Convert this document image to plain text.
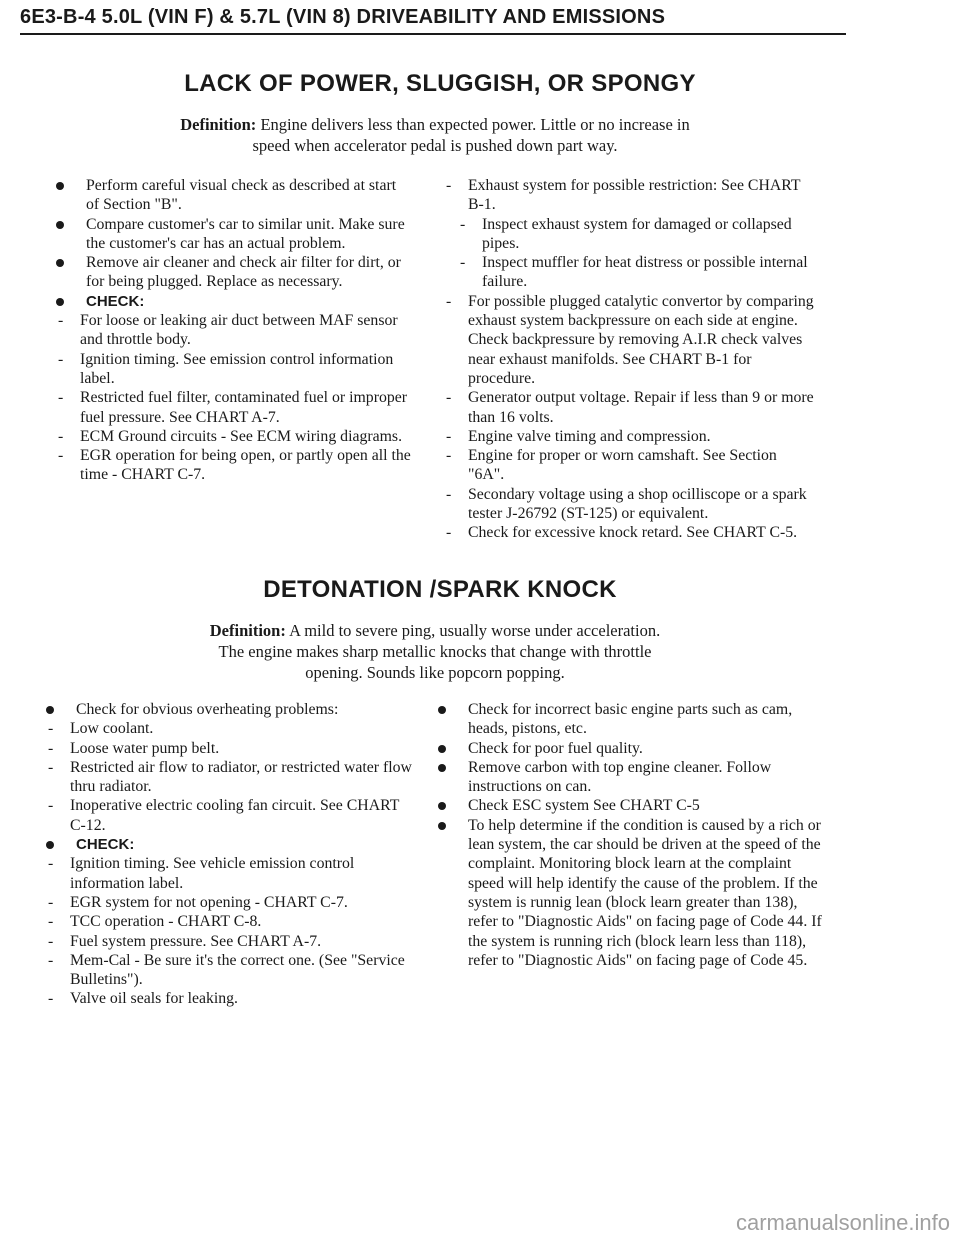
6E3-B-4 5.0L (VIN F) & 5.7L (VIN 8) DRIVEABILITY AND EMISSIONS
LACK OF POWER, SLUGGISH, OR SPONGY
Definition: Engine delivers less than expected power. Little or no increase in speed when accelerator pedal is pushed down part way.
Perform careful visual check as described at start of Section "B".
Compare customer's car to similar unit. Make sure the customer's car has an actual problem.
Remove air cleaner and check air filter for dirt, or for being plugged. Replace as necessary.
CHECK:
- For loose or leaking air duct between MAF sensor and throttle body.
- Ignition timing. See emission control information label.
- Restricted fuel filter, contaminated fuel or improper fuel pressure. See CHART A-7.
- ECM Ground circuits - See ECM wiring diagrams.
- EGR operation for being open, or partly open all the time - CHART C-7.
- Exhaust system for possible restriction: See CHART B-1.
- Inspect exhaust system for damaged or collapsed pipes.
- Inspect muffler for heat distress or possible internal failure.
- For possible plugged catalytic convertor by comparing exhaust system backpressure on each side at engine. Check backpressure by removing A.I.R check valves near exhaust manifolds. See CHART B-1 for procedure.
- Generator output voltage. Repair if less than 9 or more than 16 volts.
- Engine valve timing and compression.
- Engine for proper or worn camshaft. See Section "6A".
- Secondary voltage using a shop ocilliscope or a spark tester J-26792 (ST-125) or equivalent.
- Check for excessive knock retard. See CHART C-5.
DETONATION /SPARK KNOCK
Definition: A mild to severe ping, usually worse under acceleration. The engine makes sharp metallic knocks that change with throttle opening. Sounds like popcorn popping.
Check for obvious overheating problems:
- Low coolant.
- Loose water pump belt.
- Restricted air flow to radiator, or restricted water flow thru radiator.
- Inoperative electric cooling fan circuit. See CHART C-12.
CHECK:
- Ignition timing. See vehicle emission control information label.
- EGR system for not opening - CHART C-7.
- TCC operation - CHART C-8.
- Fuel system pressure. See CHART A-7.
- Mem-Cal - Be sure it's the correct one. (See "Service Bulletins").
- Valve oil seals for leaking.
Check for incorrect basic engine parts such as cam, heads, pistons, etc.
Check for poor fuel quality.
Remove carbon with top engine cleaner. Follow instructions on can.
Check ESC system See CHART C-5
To help determine if the condition is caused by a rich or lean system, the car should be driven at the speed of the complaint. Monitoring block learn at the complaint speed will help identify the cause of the problem. If the system is runnig lean (block learn greater than 138), refer to "Diagnostic Aids" on facing page of Code 44. If the system is running rich (block learn less than 118), refer to "Diagnostic Aids" on facing page of Code 45.
carmanualsonline.info
